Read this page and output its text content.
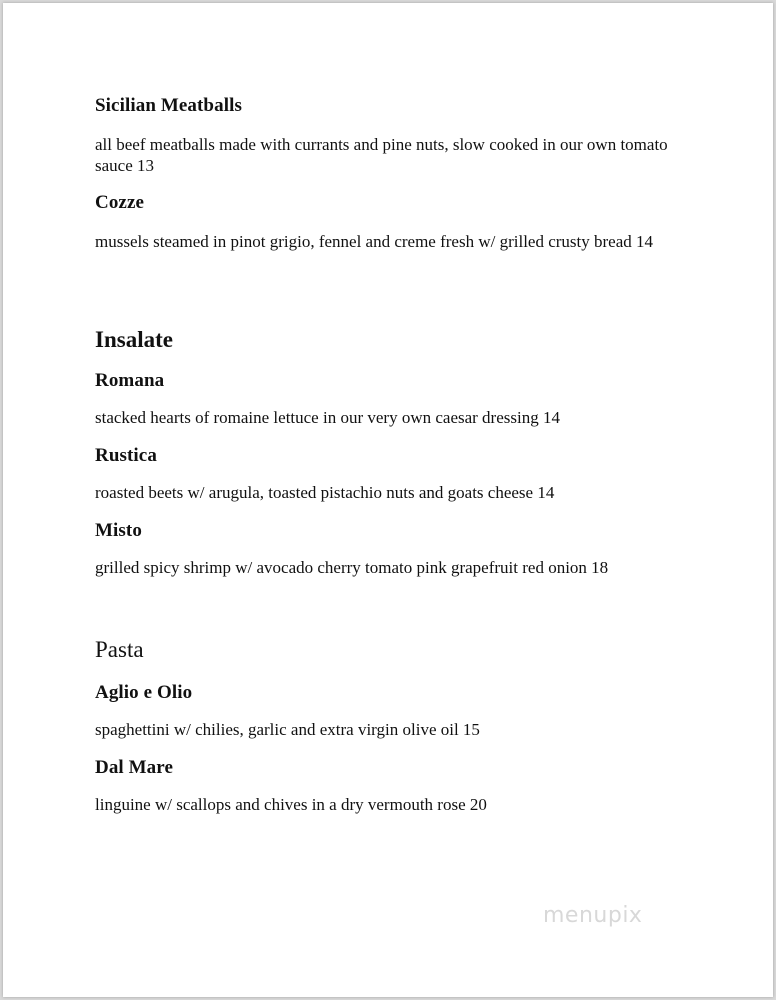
Sicilian Meatballs
all beef meatballs made with currants and pine nuts, slow cooked in our own tomato sauce 13
Cozze
mussels steamed in pinot grigio, fennel and creme fresh w/ grilled crusty bread 14
Insalate
Romana
stacked hearts of romaine lettuce in our very own caesar dressing 14
Rustica
roasted beets w/ arugula, toasted pistachio nuts and goats cheese 14
Misto
grilled spicy shrimp w/ avocado cherry tomato pink grapefruit red onion 18
Pasta
Aglio e Olio
spaghettini w/ chilies, garlic and extra virgin olive oil 15
Dal Mare
linguine w/ scallops and chives in a dry vermouth rose 20
menupix
